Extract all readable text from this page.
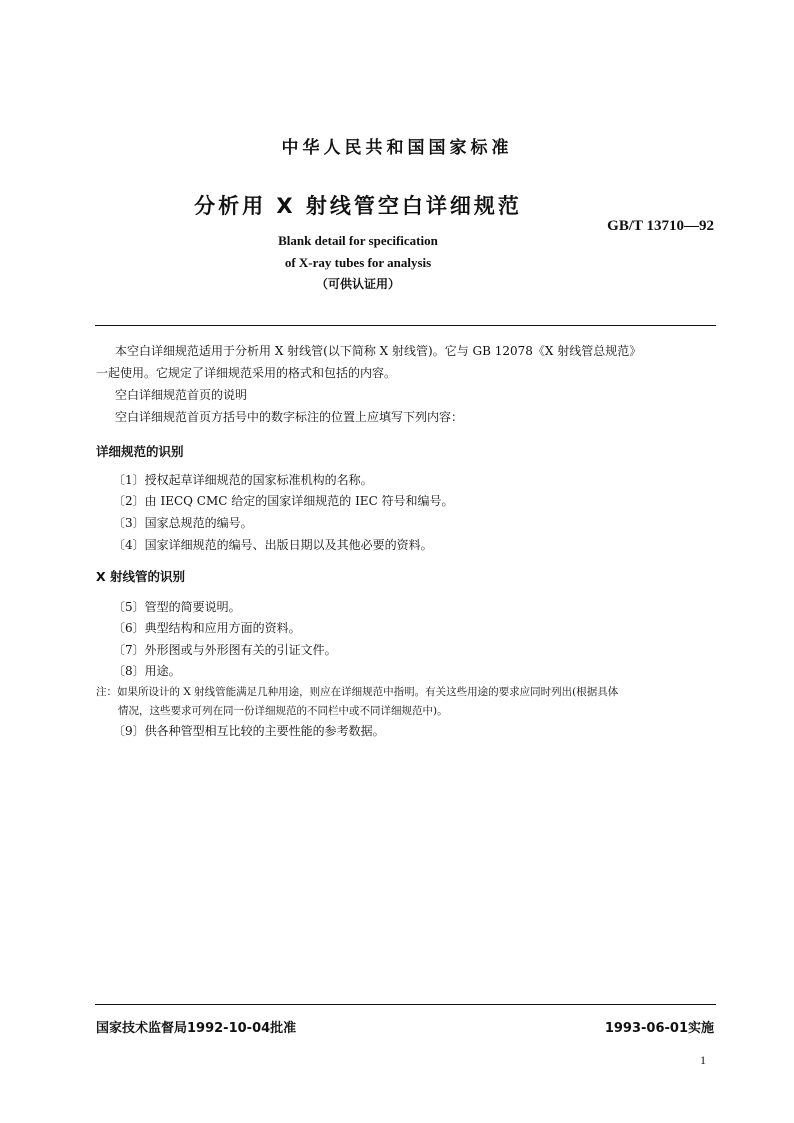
中华人民共和国国家标准
分析用 X 射线管空白详细规范
GB/T 13710—92
Blank detail for specification
of X-ray tubes for analysis
（可供认证用）
本空白详细规范适用于分析用 X 射线管(以下简称 X 射线管)。它与 GB 12078《X 射线管总规范》
一起使用。它规定了详细规范采用的格式和包括的内容。
空白详细规范首页的说明
空白详细规范首页方括号中的数字标注的位置上应填写下列内容：
详细规范的识别
〔1〕授权起草详细规范的国家标准机构的名称。
〔2〕由 IECQ CMC 给定的国家详细规范的 IEC 符号和编号。
〔3〕国家总规范的编号。
〔4〕国家详细规范的编号、出版日期以及其他必要的资料。
X 射线管的识别
〔5〕管型的简要说明。
〔6〕典型结构和应用方面的资料。
〔7〕外形图或与外形图有关的引证文件。
〔8〕用途。
注：如果所设计的 X 射线管能满足几种用途，则应在详细规范中指明。有关这些用途的要求应同时列出(根据具体
情况，这些要求可列在同一份详细规范的不同栏中或不同详细规范中)。
〔9〕供各种管型相互比较的主要性能的参考数据。
国家技术监督局1992-10-04批准	1993-06-01实施
1
